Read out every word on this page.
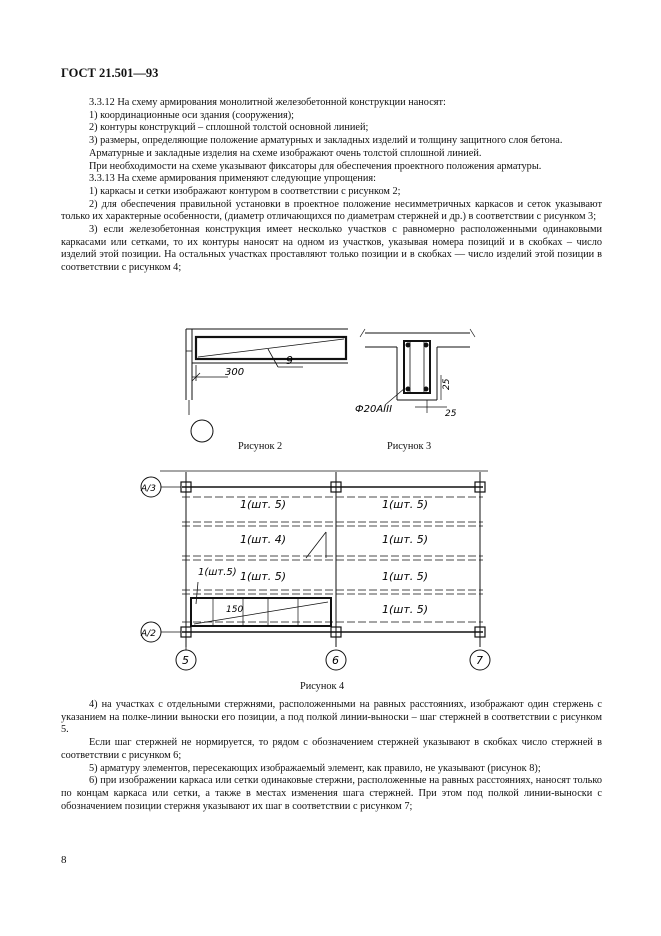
ГОСТ 21.501—93

3.3.12 На схему армирования монолитной железобетонной конструкции наносят:

1) координационные оси здания (сооружения);

2) контуры конструкций – сплошной толстой основной линией;

3) размеры, определяющие положение арматурных и закладных изделий и толщину защитного слоя бетона.

Арматурные и закладные изделия на схеме изображают очень толстой сплошной линией.

При необходимости на схеме указывают фиксаторы для обеспечения проектного положения арматуры.

3.3.13 На схеме армирования применяют следующие упрощения:

1) каркасы и сетки изображают контуром в соответствии с рисунком 2;

2) для обеспечения правильной установки в проектное положение несимметричных каркасов и сеток указывают только их характерные особенности, (диаметр отличающихся по диаметрам стержней и др.) в соответствии с рисунком 3;

3) если железобетонная конструкция имеет несколько участков с равномерно расположенными одинаковыми каркасами или сетками, то их контуры наносят на одном из участков, указывая номера позиций и в скобках – число изделий этой позиции. На остальных участках проставляют только позиции и в скобках — число изделий этой позиции в соответствии с рисунком 4;

300
9
Рисунок 2
25
25
Ф20АIII
Рисунок 3
A/3
A/2
5	6	7
1(шт. 5)
1(шт. 4)
1(шт. 5)
1(шт. 5)
1(шт. 5)
1(шт. 5)
1(шт. 5)
1(шт.5)
150
Рисунок 4

4) на участках с отдельными стержнями, расположенными на равных расстояниях, изображают один стержень с указанием на полке-линии выноски его позиции, а под полкой линии-выноски – шаг стержней в соответствии с рисунком 5.

Если шаг стержней не нормируется, то рядом с обозначением стержней указывают в скобках число стержней в соответствии с рисунком 6;

5) арматуру элементов, пересекающих изображаемый элемент, как правило, не указывают (рисунок 8);

6) при изображении каркаса или сетки одинаковые стержни, расположенные на равных расстояниях, наносят только по концам каркаса или сетки, а также в местах изменения шага стержней. При этом под полкой линии-выноски с обозначением позиции стержня указывают их шаг в соответствии с рисунком 7;

8
